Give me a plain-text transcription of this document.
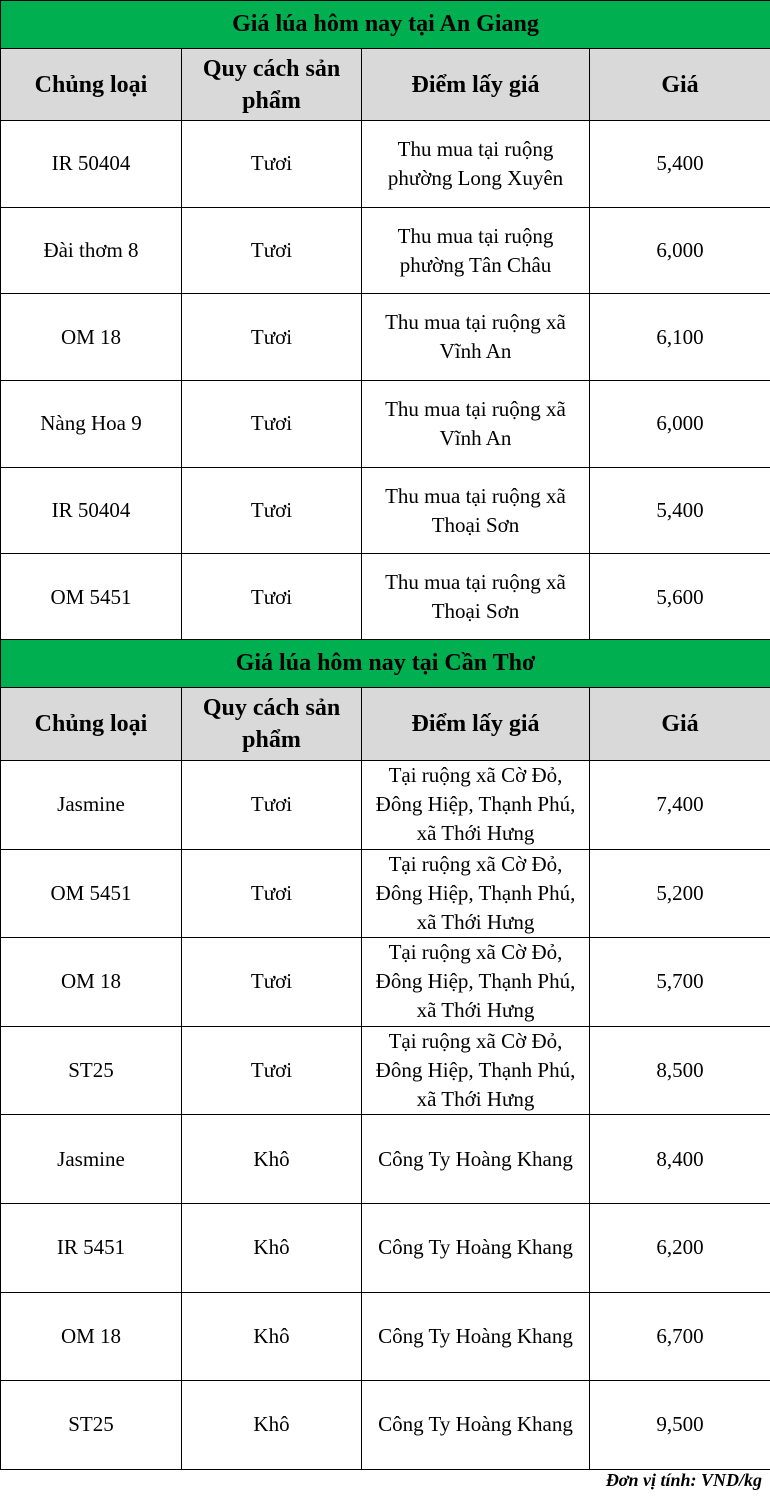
Giá lúa hôm nay tại An Giang			
Chủng loại	Quy cách sản phẩm	Điểm lấy giá	Giá
IR 50404	Tươi	Thu mua tại ruộng phường Long Xuyên	5,400
Đài thơm 8	Tươi	Thu mua tại ruộng phường Tân Châu	6,000
OM 18	Tươi	Thu mua tại ruộng xã Vĩnh An	6,100
Nàng Hoa 9	Tươi	Thu mua tại ruộng xã Vĩnh An	6,000
IR 50404	Tươi	Thu mua tại ruộng xã Thoại Sơn	5,400
OM 5451	Tươi	Thu mua tại ruộng xã Thoại Sơn	5,600
Giá lúa hôm nay tại Cần Thơ			
Chủng loại	Quy cách sản phẩm	Điểm lấy giá	Giá
Jasmine	Tươi	Tại ruộng xã Cờ Đỏ, Đông Hiệp, Thạnh Phú, xã Thới Hưng	7,400
OM 5451	Tươi	Tại ruộng xã Cờ Đỏ, Đông Hiệp, Thạnh Phú, xã Thới Hưng	5,200
OM 18	Tươi	Tại ruộng xã Cờ Đỏ, Đông Hiệp, Thạnh Phú, xã Thới Hưng	5,700
ST25	Tươi	Tại ruộng xã Cờ Đỏ, Đông Hiệp, Thạnh Phú, xã Thới Hưng	8,500
Jasmine	Khô	Công Ty Hoàng Khang	8,400
IR 5451	Khô	Công Ty Hoàng Khang	6,200
OM 18	Khô	Công Ty Hoàng Khang	6,700
ST25	Khô	Công Ty Hoàng Khang	9,500
Đơn vị tính: VND/kg
